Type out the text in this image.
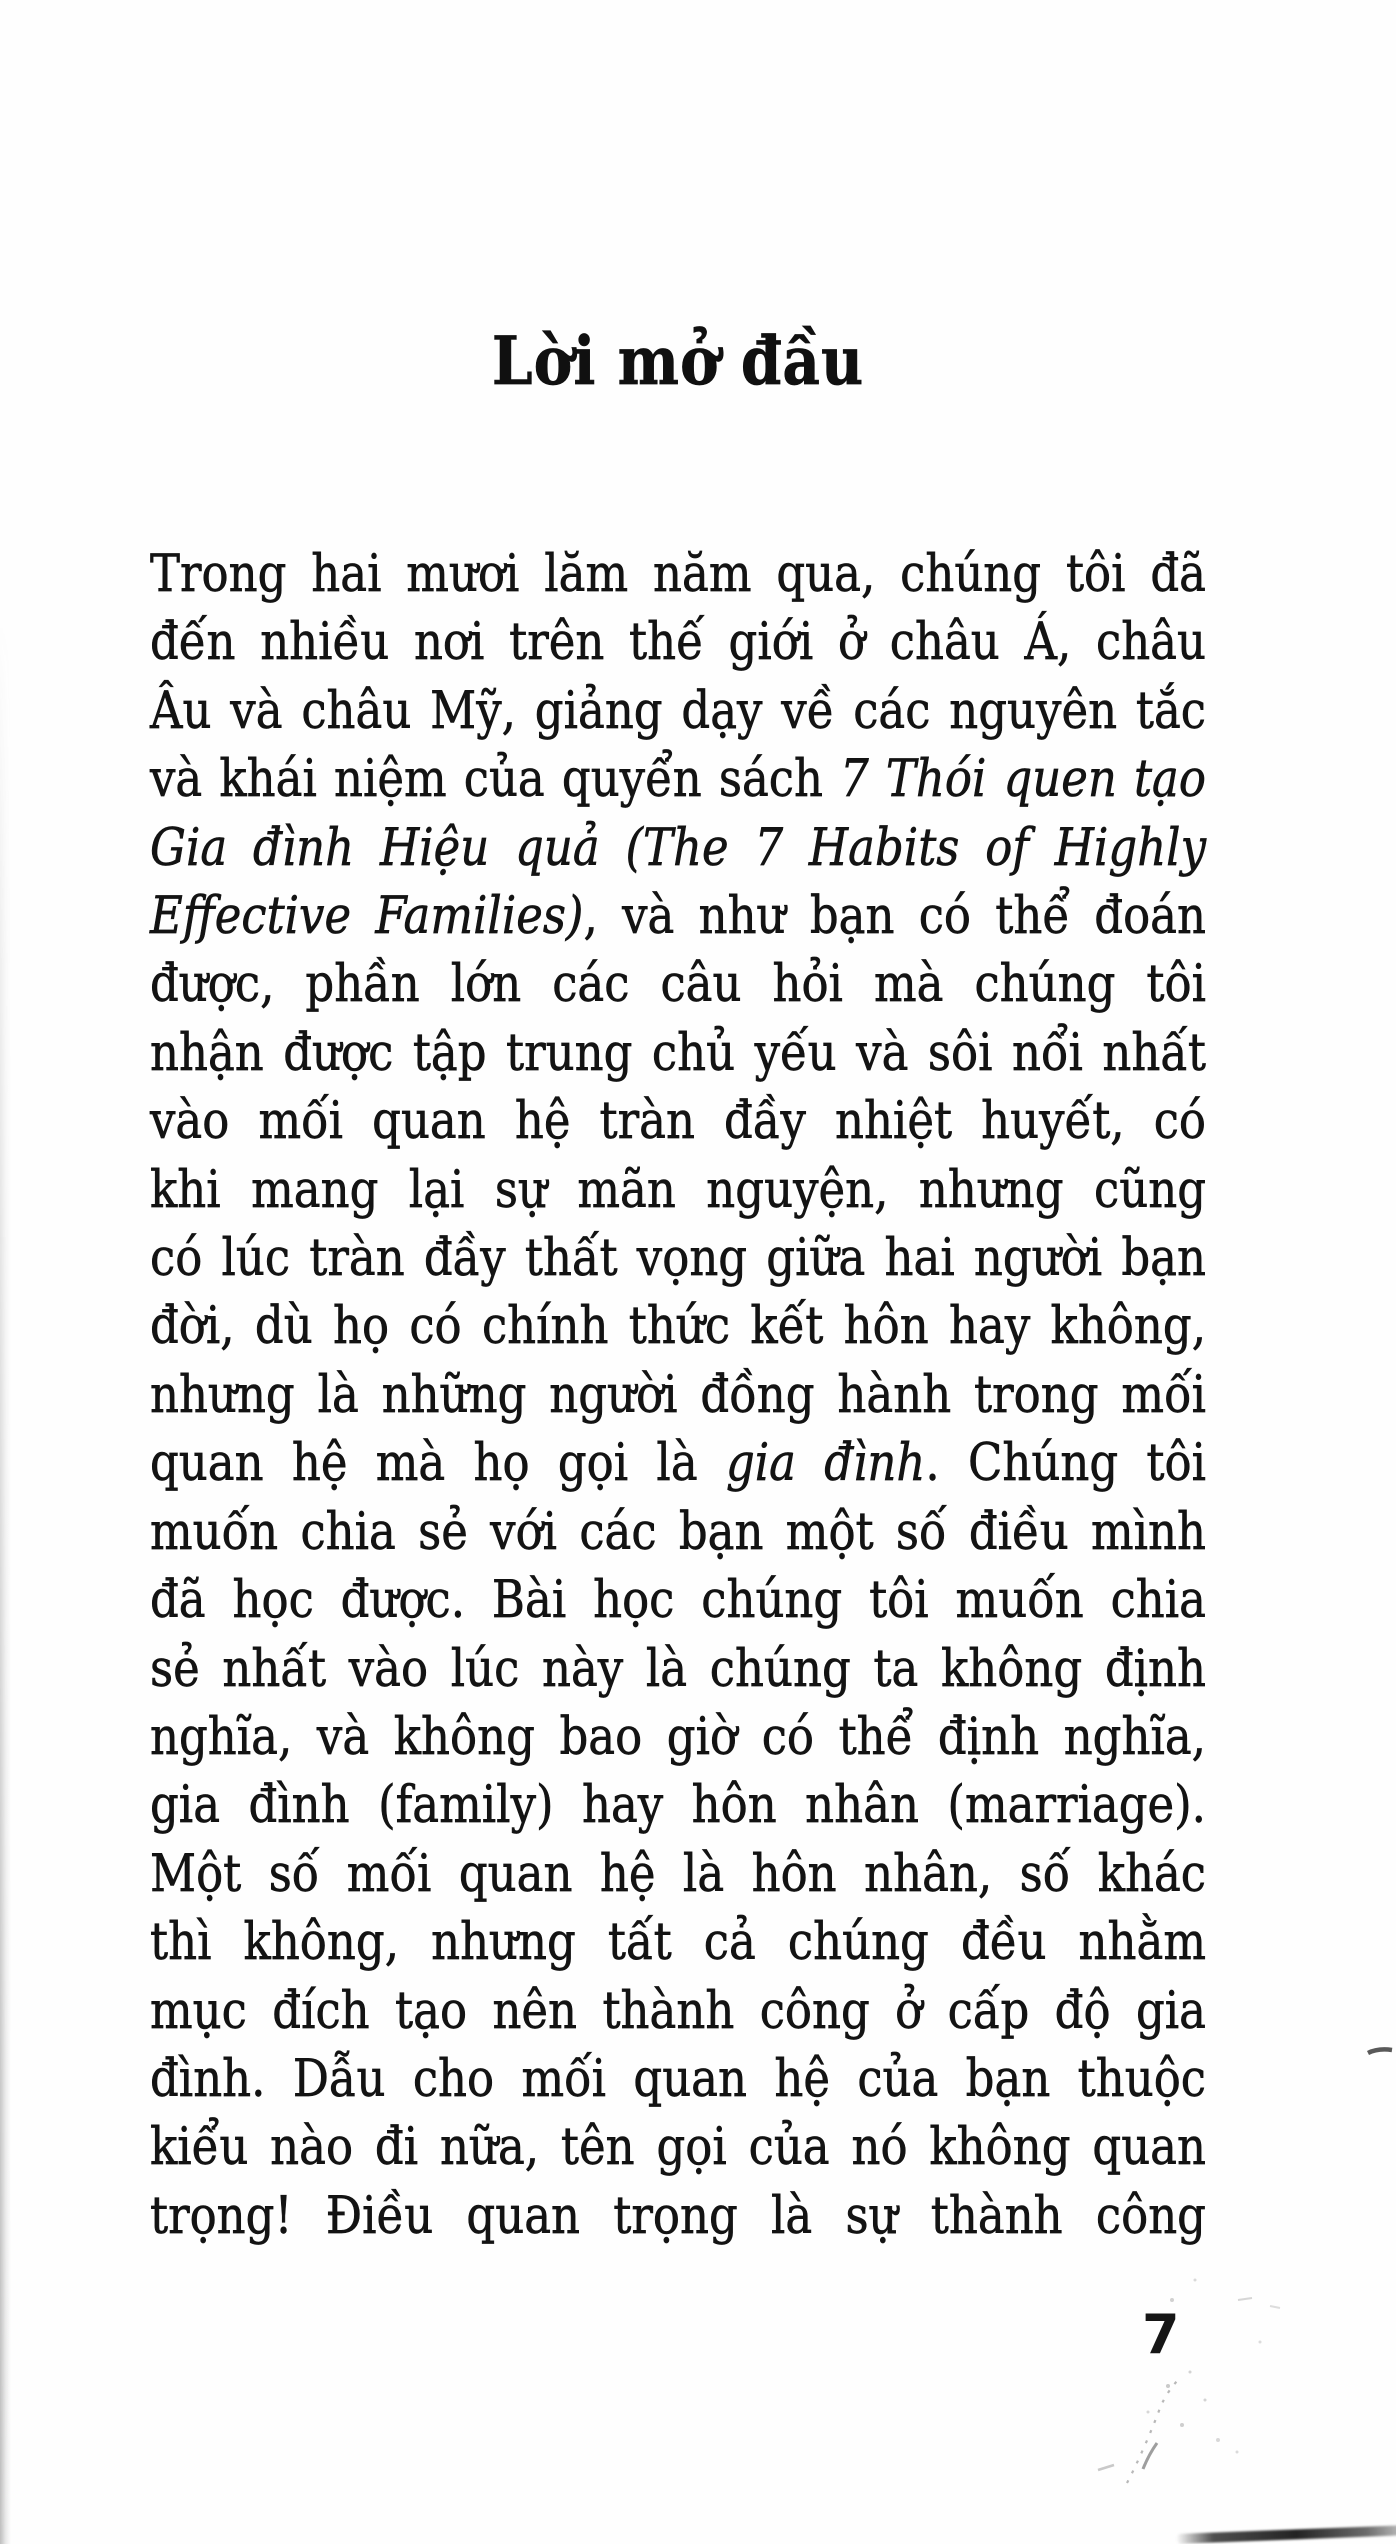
Lời mở đầu
Trong hai mươi lăm năm qua, chúng tôi đã
đến nhiều nơi trên thế giới ở châu Á, châu
Âu và châu Mỹ, giảng dạy về các nguyên tắc
và khái niệm của quyển sách 7 Thói quen tạo
Gia đình Hiệu quả (The 7 Habits of Highly
Effective Families), và như bạn có thể đoán
được, phần lớn các câu hỏi mà chúng tôi
nhận được tập trung chủ yếu và sôi nổi nhất
vào mối quan hệ tràn đầy nhiệt huyết, có
khi mang lại sự mãn nguyện, nhưng cũng
có lúc tràn đầy thất vọng giữa hai người bạn
đời, dù họ có chính thức kết hôn hay không,
nhưng là những người đồng hành trong mối
quan hệ mà họ gọi là gia đình. Chúng tôi
muốn chia sẻ với các bạn một số điều mình
đã học được. Bài học chúng tôi muốn chia
sẻ nhất vào lúc này là chúng ta không định
nghĩa, và không bao giờ có thể định nghĩa,
gia đình (family) hay hôn nhân (marriage).
Một số mối quan hệ là hôn nhân, số khác
thì không, nhưng tất cả chúng đều nhằm
mục đích tạo nên thành công ở cấp độ gia
đình. Dẫu cho mối quan hệ của bạn thuộc
kiểu nào đi nữa, tên gọi của nó không quan
trọng! Điều quan trọng là sự thành công
7
